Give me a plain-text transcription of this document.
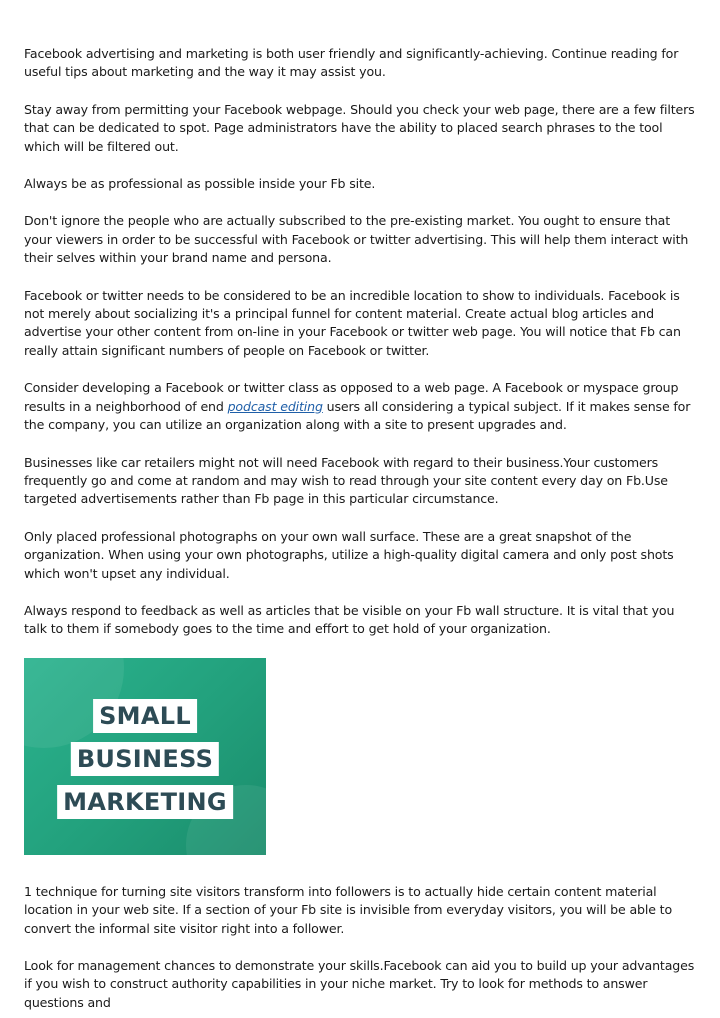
Facebook advertising and marketing is both user friendly and significantly-achieving. Continue reading for useful tips about marketing and the way it may assist you.

Stay away from permitting your Facebook webpage. Should you check your web page, there are a few filters that can be dedicated to spot. Page administrators have the ability to placed search phrases to the tool which will be filtered out.

Always be as professional as possible inside your Fb site.

Don't ignore the people who are actually subscribed to the pre-existing market. You ought to ensure that your viewers in order to be successful with Facebook or twitter advertising. This will help them interact with their selves within your brand name and persona.

Facebook or twitter needs to be considered to be an incredible location to show to individuals. Facebook is not merely about socializing it's a principal funnel for content material. Create actual blog articles and advertise your other content from on-line in your Facebook or twitter web page. You will notice that Fb can really attain significant numbers of people on Facebook or twitter.

Consider developing a Facebook or twitter class as opposed to a web page. A Facebook or myspace group results in a neighborhood of end podcast editing users all considering a typical subject. If it makes sense for the company, you can utilize an organization along with a site to present upgrades and.

Businesses like car retailers might not will need Facebook with regard to their business.Your customers frequently go and come at random and may wish to read through your site content every day on Fb.Use targeted advertisements rather than Fb page in this particular circumstance.

Only placed professional photographs on your own wall surface. These are a great snapshot of the organization. When using your own photographs, utilize a high-quality digital camera and only post shots which won't upset any individual.

Always respond to feedback as well as articles that be visible on your Fb wall structure. It is vital that you talk to them if somebody goes to the time and effort to get hold of your organization.

SMALL
BUSINESS
MARKETING

1 technique for turning site visitors transform into followers is to actually hide certain content material location in your web site. If a section of your Fb site is invisible from everyday visitors, you will be able to convert the informal site visitor right into a follower.

Look for management chances to demonstrate your skills.Facebook can aid you to build up your advantages if you wish to construct authority capabilities in your niche market. Try to look for methods to answer questions and
